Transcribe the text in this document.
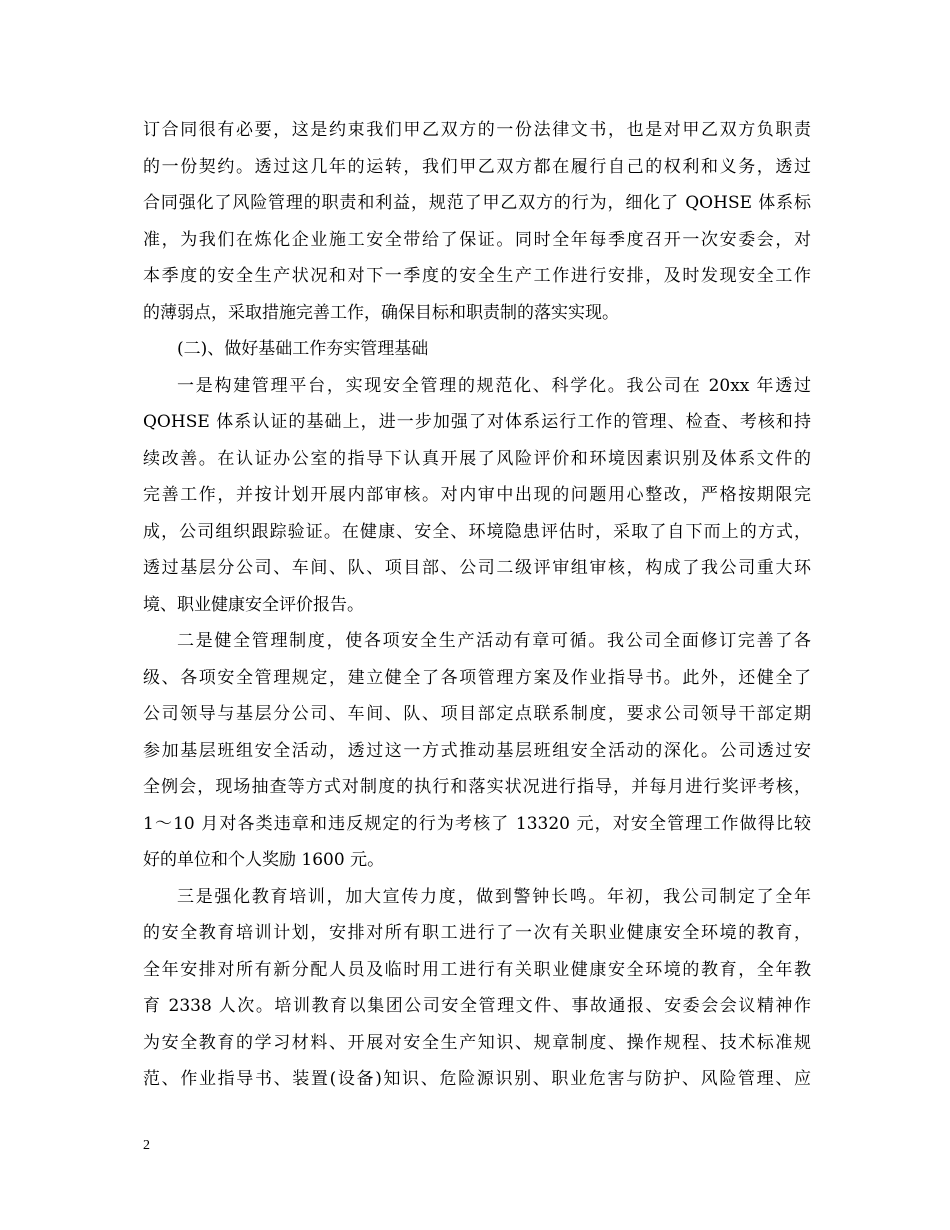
订合同很有必要，这是约束我们甲乙双方的一份法律文书，也是对甲乙双方负职责
的一份契约。透过这几年的运转，我们甲乙双方都在履行自己的权利和义务，透过
合同强化了风险管理的职责和利益，规范了甲乙双方的行为，细化了 QOHSE 体系标
准，为我们在炼化企业施工安全带给了保证。同时全年每季度召开一次安委会，对
本季度的安全生产状况和对下一季度的安全生产工作进行安排，及时发现安全工作
的薄弱点，采取措施完善工作，确保目标和职责制的落实实现。
(二)、做好基础工作夯实管理基础
一是构建管理平台，实现安全管理的规范化、科学化。我公司在 20xx 年透过
QOHSE 体系认证的基础上，进一步加强了对体系运行工作的管理、检查、考核和持
续改善。在认证办公室的指导下认真开展了风险评价和环境因素识别及体系文件的
完善工作，并按计划开展内部审核。对内审中出现的问题用心整改，严格按期限完
成，公司组织跟踪验证。在健康、安全、环境隐患评估时，采取了自下而上的方式，
透过基层分公司、车间、队、项目部、公司二级评审组审核，构成了我公司重大环
境、职业健康安全评价报告。
二是健全管理制度，使各项安全生产活动有章可循。我公司全面修订完善了各
级、各项安全管理规定，建立健全了各项管理方案及作业指导书。此外，还健全了
公司领导与基层分公司、车间、队、项目部定点联系制度，要求公司领导干部定期
参加基层班组安全活动，透过这一方式推动基层班组安全活动的深化。公司透过安
全例会，现场抽查等方式对制度的执行和落实状况进行指导，并每月进行奖评考核，
1～10 月对各类违章和违反规定的行为考核了 13320 元，对安全管理工作做得比较
好的单位和个人奖励 1600 元。
三是强化教育培训，加大宣传力度，做到警钟长鸣。年初，我公司制定了全年
的安全教育培训计划，安排对所有职工进行了一次有关职业健康安全环境的教育，
全年安排对所有新分配人员及临时用工进行有关职业健康安全环境的教育，全年教
育 2338 人次。培训教育以集团公司安全管理文件、事故通报、安委会会议精神作
为安全教育的学习材料、开展对安全生产知识、规章制度、操作规程、技术标准规
范、作业指导书、装置(设备)知识、危险源识别、职业危害与防护、风险管理、应
2
